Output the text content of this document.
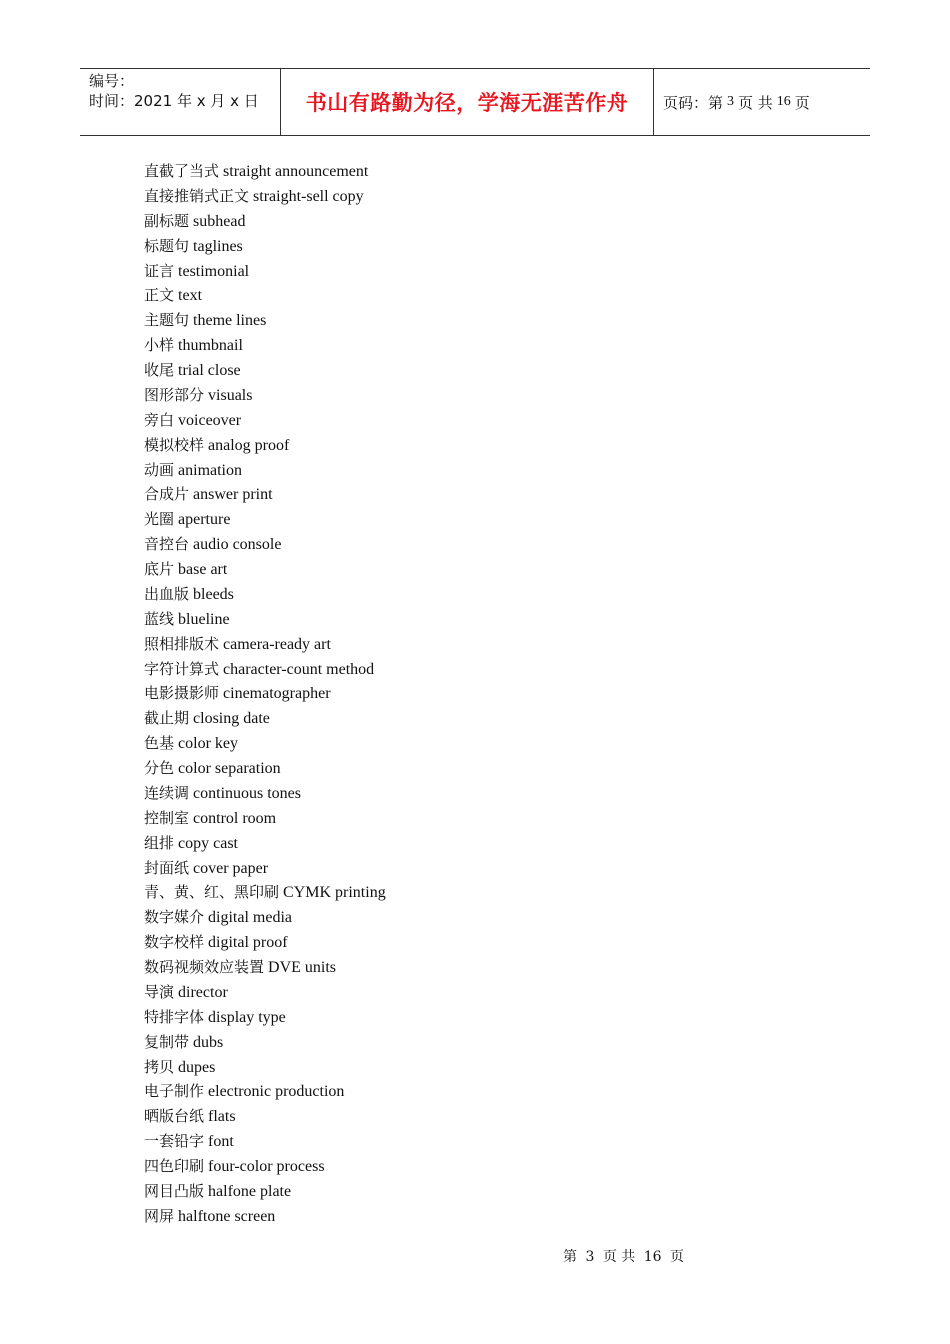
编号：
时间：2021 年 x 月 x 日	书山有路勤为径，学海无涯苦作舟	页码：第 3 页 共 16 页
直截了当式 straight announcement
直接推销式正文 straight-sell copy
副标题 subhead
标题句 taglines
证言 testimonial
正文 text
主题句 theme lines
小样 thumbnail
收尾 trial close
图形部分 visuals
旁白 voiceover
模拟校样 analog proof
动画 animation
合成片 answer print
光圈 aperture
音控台 audio console
底片 base art
出血版 bleeds
蓝线 blueline
照相排版术 camera-ready art
字符计算式 character-count method
电影摄影师 cinematographer
截止期 closing date
色基 color key
分色 color separation
连续调 continuous tones
控制室 control room
组排 copy cast
封面纸 cover paper
青、黄、红、黑印刷 CYMK printing
数字媒介 digital media
数字校样 digital proof
数码视频效应装置 DVE units
导演 director
特排字体 display type
复制带 dubs
拷贝 dupes
电子制作 electronic production
晒版台纸 flats
一套铅字 font
四色印刷 four-color process
网目凸版 halfone plate
网屏 halftone screen
第 3 页 共 16 页
